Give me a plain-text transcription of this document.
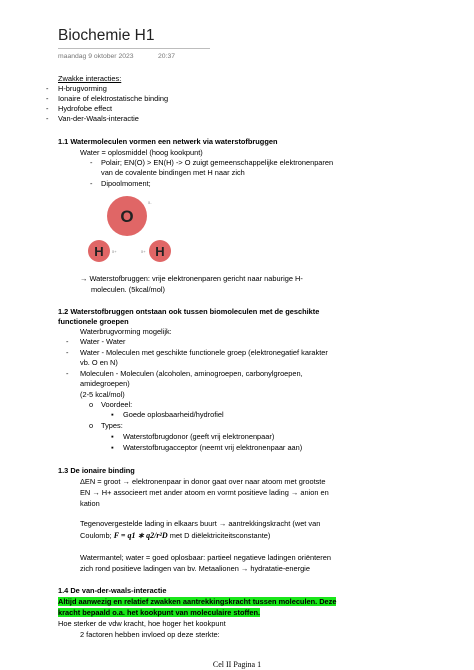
Biochemie H1
maandag 9 oktober 2023	20:37
Zwakke interacties:
- H-brugvorming
- Ionaire of elektrostatische binding
- Hydrofobe effect
- Van-der-Waals-interactie
1.1 Watermoleculen vormen een netwerk via waterstofbruggen
Water = oplosmiddel (hoog kookpunt)
- Polair; EN(O) > EN(H) -> O zuigt gemeenschappelijke elektronenparen
van de covalente bindingen met H naar zich
- Dipoolmoment;
O
H	H
δ-
δ+	δ+
→ Waterstofbruggen: vrije elektronenparen gericht naar naburige H-
moleculen. (5kcal/mol)
1.2 Waterstofbruggen ontstaan ook tussen biomoleculen met de geschikte
functionele groepen
Waterbrugvorming mogelijk:
- Water - Water
- Water - Moleculen met geschikte functionele groep (elektronegatief karakter
vb. O en N)
- Moleculen - Moleculen (alcoholen, aminogroepen, carbonylgroepen,
amidegroepen)
(2-5 kcal/mol)
o Voordeel:
▪ Goede oplosbaarheid/hydrofiel
o Types:
▪ Waterstofbrugdonor (geeft vrij elektronenpaar)
▪ Waterstofbrugacceptor (neemt vrij elektronenpaar aan)
1.3 De ionaire binding
ΔEN = groot → elektronenpaar in donor gaat over naar atoom met grootste
EN → H+ associeert met ander atoom en vormt positieve lading → anion en
kation
Tegenovergestelde lading in elkaars buurt → aantrekkingskracht (wet van
Coulomb; F = q1 ∗ q2/r²D met D diëlektriciteitsconstante)
Watermantel; water = goed oplosbaar: partieel negatieve ladingen oriënteren
zich rond positieve ladingen van bv. Metaalionen → hydratatie-energie
1.4 De van-der-waals-interactie
Altijd aanwezig en relatief zwakken aantrekkingskracht tussen moleculen. Deze
kracht bepaald o.a. het kookpunt van moleculaire stoffen.
Hoe sterker de vdw kracht, hoe hoger het kookpunt
2 factoren hebben invloed op deze sterkte:
Cel II Pagina 1
